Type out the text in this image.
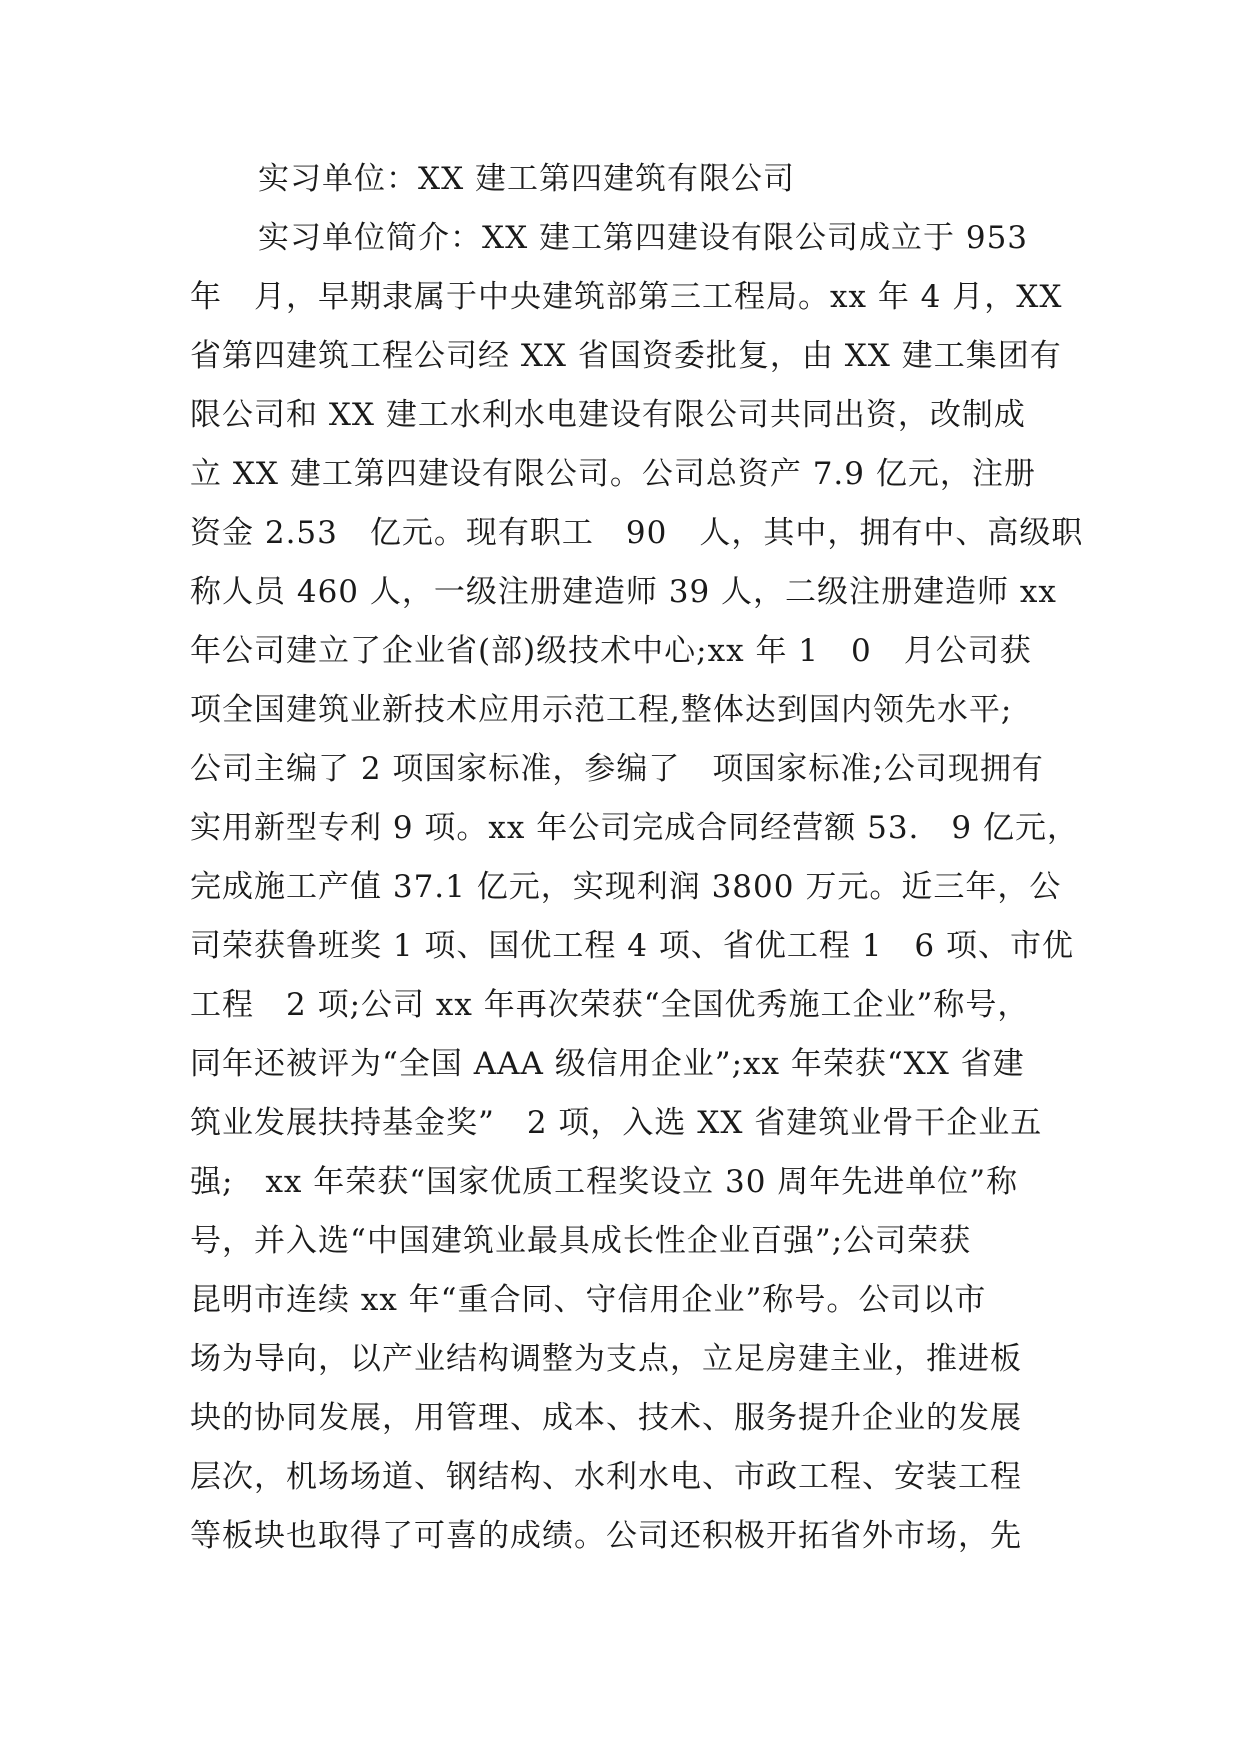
实习单位：XX 建工第四建筑有限公司
实习单位简介：XX 建工第四建设有限公司成立于 953
年　月，早期隶属于中央建筑部第三工程局。xx 年 4 月，XX
省第四建筑工程公司经 XX 省国资委批复，由 XX 建工集团有
限公司和 XX 建工水利水电建设有限公司共同出资，改制成
立 XX 建工第四建设有限公司。公司总资产 7.9 亿元，注册
资金 2.53　亿元。现有职工　90　人，其中，拥有中、高级职
称人员 460 人，一级注册建造师 39 人，二级注册建造师 xx
年公司建立了企业省(部)级技术中心;xx 年 1　0　月公司获
项全国建筑业新技术应用示范工程,整体达到国内领先水平;
公司主编了 2 项国家标准，参编了　项国家标准;公司现拥有
实用新型专利 9 项。xx 年公司完成合同经营额 53.　9 亿元，
完成施工产值 37.1 亿元，实现利润 3800 万元。近三年，公
司荣获鲁班奖 1 项、国优工程 4 项、省优工程 1　6 项、市优
工程　2 项;公司 xx 年再次荣获“全国优秀施工企业”称号，
同年还被评为“全国 AAA 级信用企业”;xx 年荣获“XX 省建
筑业发展扶持基金奖”　2 项，入选 XX 省建筑业骨干企业五
强;　xx 年荣获“国家优质工程奖设立 30 周年先进单位”称
号，并入选“中国建筑业最具成长性企业百强”;公司荣获
昆明市连续 xx 年“重合同、守信用企业”称号。公司以市
场为导向，以产业结构调整为支点，立足房建主业，推进板
块的协同发展，用管理、成本、技术、服务提升企业的发展
层次，机场场道、钢结构、水利水电、市政工程、安装工程
等板块也取得了可喜的成绩。公司还积极开拓省外市场，先
